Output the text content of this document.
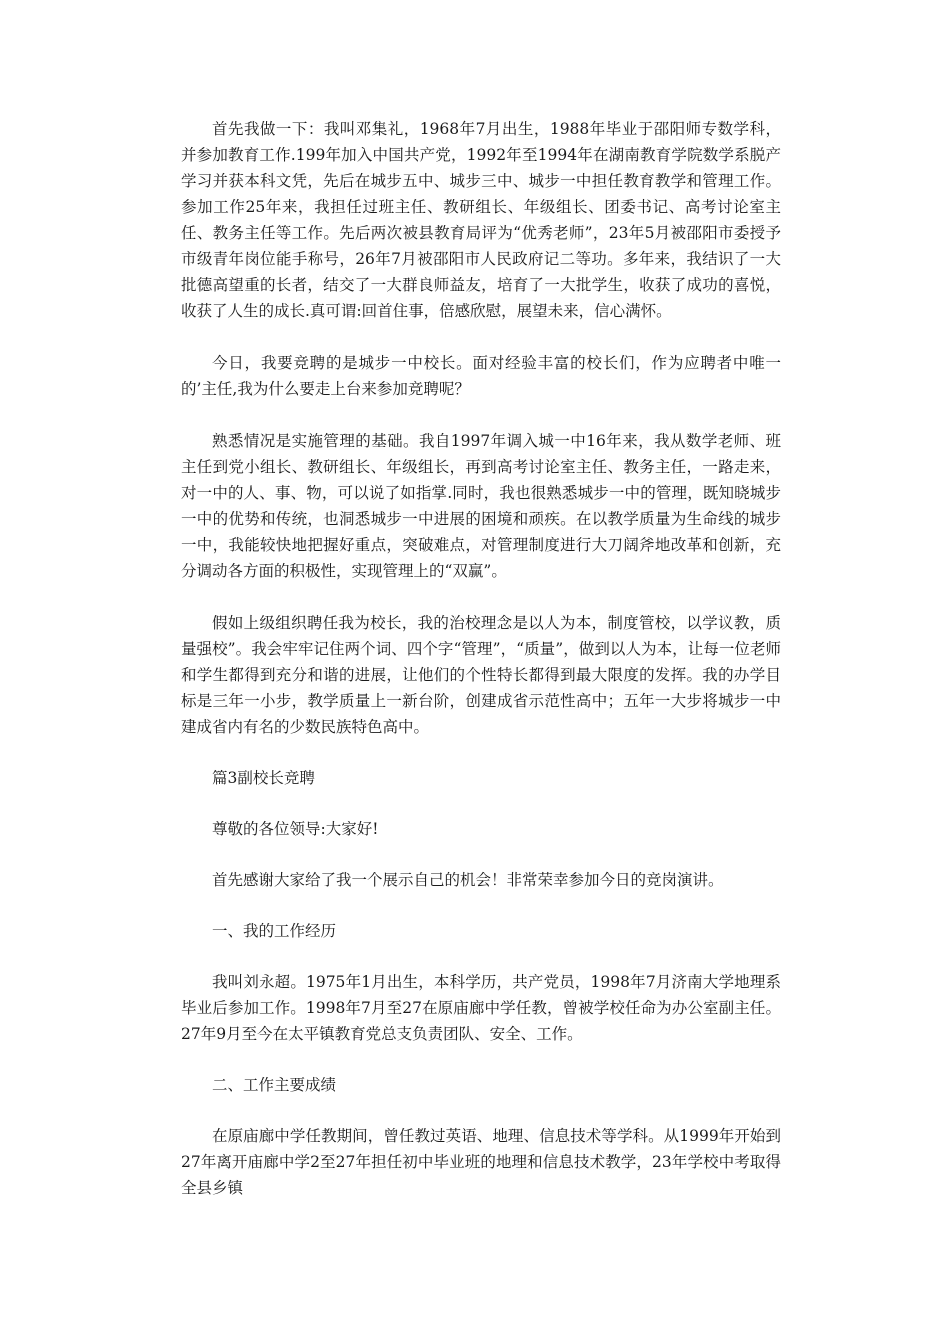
首先我做一下：我叫邓集礼，1968年7月出生，1988年毕业于邵阳师专数学科，并参加教育工作.199年加入中国共产党，1992年至1994年在湖南教育学院数学系脱产学习并获本科文凭，先后在城步五中、城步三中、城步一中担任教育教学和管理工作。参加工作25年来，我担任过班主任、教研组长、年级组长、团委书记、高考讨论室主任、教务主任等工作。先后两次被县教育局评为“优秀老师”，23年5月被邵阳市委授予市级青年岗位能手称号，26年7月被邵阳市人民政府记二等功。多年来，我结识了一大批德高望重的长者，结交了一大群良师益友，培育了一大批学生，收获了成功的喜悦，收获了人生的成长.真可谓:回首住事，倍感欣慰，展望未来，信心满怀。

今日，我要竞聘的是城步一中校长。面对经验丰富的校长们，作为应聘者中唯一的’主任,我为什么要走上台来参加竞聘呢？

熟悉情况是实施管理的基础。我自1997年调入城一中16年来，我从数学老师、班主任到党小组长、教研组长、年级组长，再到高考讨论室主任、教务主任，一路走来，对一中的人、事、物，可以说了如指掌.同时，我也很熟悉城步一中的管理，既知晓城步一中的优势和传统，也洞悉城步一中进展的困境和顽疾。在以教学质量为生命线的城步一中，我能较快地把握好重点，突破难点，对管理制度进行大刀阔斧地改革和创新，充分调动各方面的积极性，实现管理上的“双赢”。

假如上级组织聘任我为校长，我的治校理念是以人为本，制度管校，以学议教，质量强校”。我会牢牢记住两个词、四个字“管理”，“质量”，做到以人为本，让每一位老师和学生都得到充分和谐的进展，让他们的个性特长都得到最大限度的发挥。我的办学目标是三年一小步，教学质量上一新台阶，创建成省示范性高中；五年一大步将城步一中建成省内有名的少数民族特色高中。

篇3副校长竞聘

尊敬的各位领导:大家好!

首先感谢大家给了我一个展示自己的机会！非常荣幸参加今日的竞岗演讲。

一、我的工作经历

我叫刘永超。1975年1月出生，本科学历，共产党员，1998年7月济南大学地理系毕业后参加工作。1998年7月至27在原庙廊中学任教，曾被学校任命为办公室副主任。27年9月至今在太平镇教育党总支负责团队、安全、工作。

二、工作主要成绩

在原庙廊中学任教期间，曾任教过英语、地理、信息技术等学科。从1999年开始到27年离开庙廊中学2至27年担任初中毕业班的地理和信息技术教学，23年学校中考取得全县乡镇
